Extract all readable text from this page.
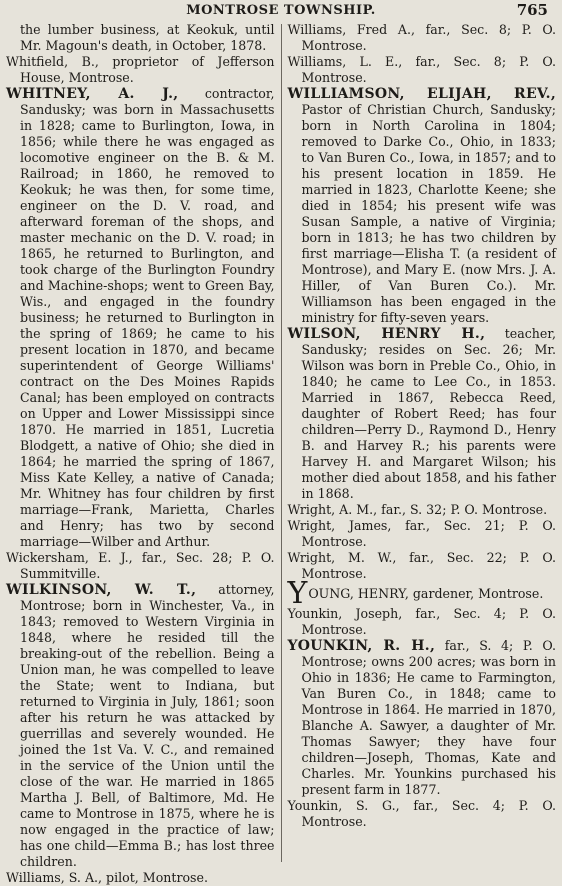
MONTROSE TOWNSHIP.	765

the lumber business, at Keokuk, until Mr. Magoun's death, in October, 1878.

Whitfield, B., proprietor of Jefferson House, Montrose.

WHITNEY, A. J., contractor, Sandusky; was born in Massachusetts in 1828; came to Burlington, Iowa, in 1856; while there he was engaged as locomotive engineer on the B. & M. Railroad; in 1860, he removed to Keokuk; he was then, for some time, engineer on the D. V. road, and afterward foreman of the shops, and master mechanic on the D. V. road; in 1865, he returned to Burlington, and took charge of the Burlington Foundry and Machine-shops; went to Green Bay, Wis., and engaged in the foundry business; he returned to Burlington in the spring of 1869; he came to his present location in 1870, and became superintendent of George Williams' contract on the Des Moines Rapids Canal; has been employed on contracts on Upper and Lower Mississippi since 1870. He married in 1851, Lucretia Blodgett, a native of Ohio; she died in 1864; he married the spring of 1867, Miss Kate Kelley, a native of Canada; Mr. Whitney has four children by first marriage—Frank, Marietta, Charles and Henry; has two by second marriage—Wilber and Arthur.

Wickersham, E. J., far., Sec. 28; P. O. Summitville.

WILKINSON, W. T., attorney, Montrose; born in Winchester, Va., in 1843; removed to Western Virginia in 1848, where he resided till the breaking-out of the rebellion. Being a Union man, he was compelled to leave the State; went to Indiana, but returned to Virginia in July, 1861; soon after his return he was attacked by guerrillas and severely wounded. He joined the 1st Va. V. C., and remained in the service of the Union until the close of the war. He married in 1865 Martha J. Bell, of Baltimore, Md. He came to Montrose in 1875, where he is now engaged in the practice of law; has one child—Emma B.; has lost three children.

Williams, S. A., pilot, Montrose.

Williams, Fred A., far., Sec. 8; P. O. Montrose.

Williams, L. E., far., Sec. 8; P. O. Montrose.

WILLIAMSON, ELIJAH, REV., Pastor of Christian Church, Sandusky; born in North Carolina in 1804; removed to Darke Co., Ohio, in 1833; to Van Buren Co., Iowa, in 1857; and to his present location in 1859. He married in 1823, Charlotte Keene; she died in 1854; his present wife was Susan Sample, a native of Virginia; born in 1813; he has two children by first marriage—Elisha T. (a resident of Montrose), and Mary E. (now Mrs. J. A. Hiller, of Van Buren Co.). Mr. Williamson has been engaged in the ministry for fifty-seven years.

WILSON, HENRY H., teacher, Sandusky; resides on Sec. 26; Mr. Wilson was born in Preble Co., Ohio, in 1840; he came to Lee Co., in 1853. Married in 1867, Rebecca Reed, daughter of Robert Reed; has four children—Perry D., Raymond D., Henry B. and Harvey R.; his parents were Harvey H. and Margaret Wilson; his mother died about 1858, and his father in 1868.

Wright, A. M., far., S. 32; P. O. Montrose.

Wright, James, far., Sec. 21; P. O. Montrose.

Wright, M. W., far., Sec. 22; P. O. Montrose.

YOUNG, HENRY, gardener, Montrose.

Younkin, Joseph, far., Sec. 4; P. O. Montrose.

YOUNKIN, R. H., far., S. 4; P. O. Montrose; owns 200 acres; was born in Ohio in 1836; He came to Farmington, Van Buren Co., in 1848; came to Montrose in 1864. He married in 1870, Blanche A. Sawyer, a daughter of Mr. Thomas Sawyer; they have four children—Joseph, Thomas, Kate and Charles. Mr. Younkins purchased his present farm in 1877.

Younkin, S. G., far., Sec. 4; P. O. Montrose.
